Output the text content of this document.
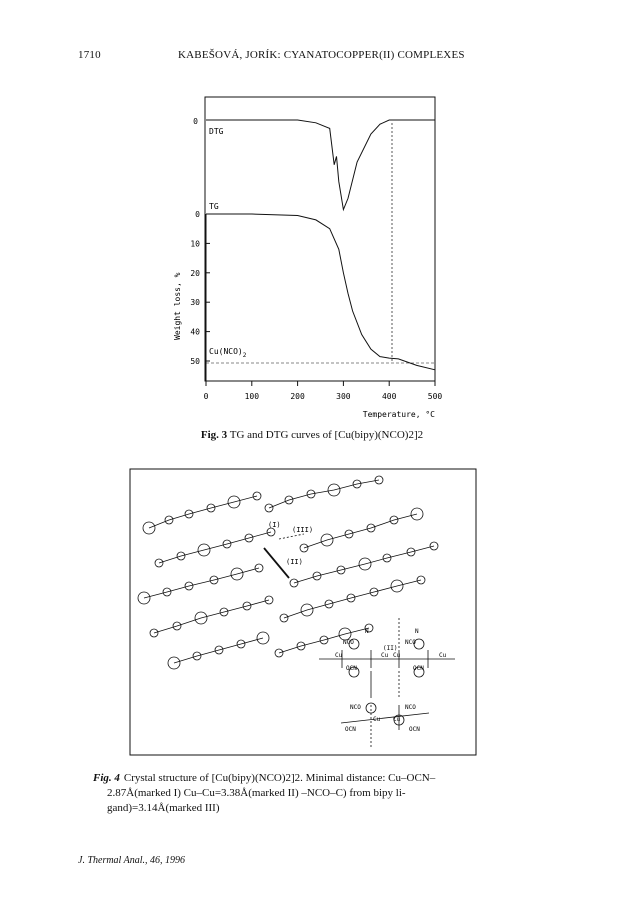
1710	KABEŠOVÁ, JORÍK: CYANATOCOPPER(II) COMPLEXES
0
DTG
TG
$Cu(NCO)_2$
0
10
20
30
40
50
0	100	200	300	400	500
Weight loss, %
Temperature, °C
Fig. 3 TG and DTG curves of [Cu(bipy)(NCO)2]2
(I)
(III)
(II)
NCO	NCO
OCN	OCN
Cu	Cu Cu	Cu
(II)
NCO	NCO
OCN	OCN
Cu Cu
N	N
Fig. 4 Crystal structure of [Cu(bipy)(NCO)2]2. Minimal distance: Cu–OCN–
2.87Å(marked I) Cu–Cu=3.38Å(marked II) –NCO–C) from bipy li-
gand)=3.14Å(marked III)
J. Thermal Anal., 46, 1996
